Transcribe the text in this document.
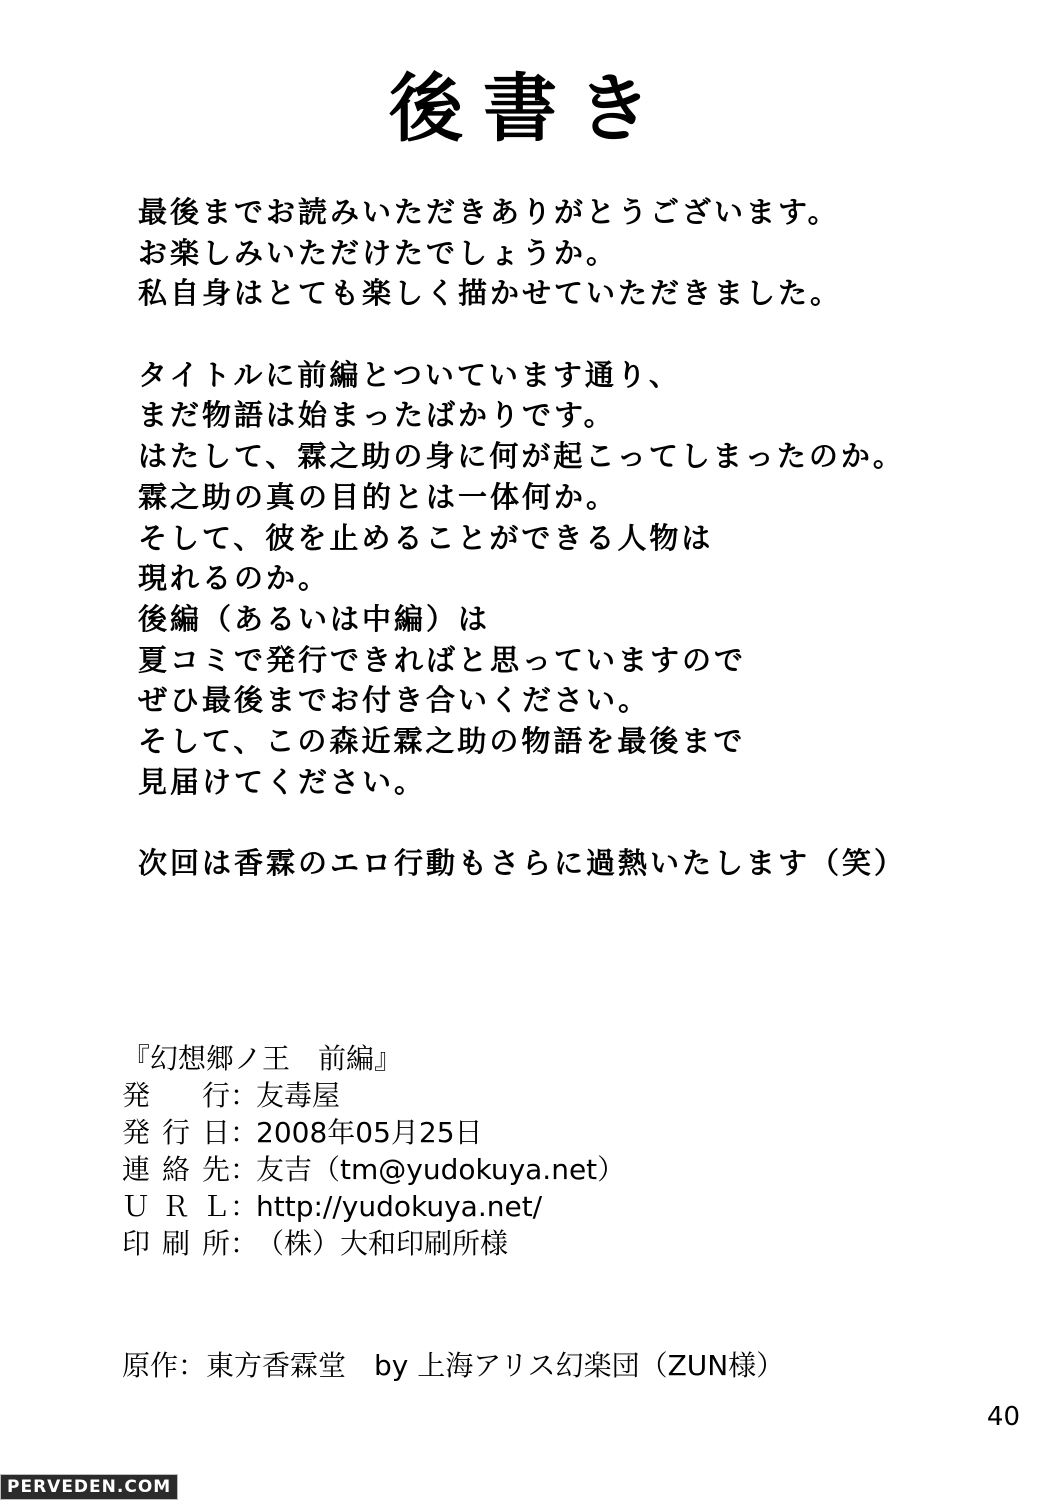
後書き
最後までお読みいただきありがとうございます。
お楽しみいただけたでしょうか。
私自身はとても楽しく描かせていただきました。
タイトルに前編とついています通り、
まだ物語は始まったばかりです。
はたして、霖之助の身に何が起こってしまったのか。
霖之助の真の目的とは一体何か。
そして、彼を止めることができる人物は
現れるのか。
後編（あるいは中編）は
夏コミで発行できればと思っていますので
ぜひ最後までお付き合いください。
そして、この森近霖之助の物語を最後まで
見届けてください。
次回は香霖のエロ行動もさらに過熱いたします（笑）
『幻想郷ノ王　前編』
発行：友毒屋
発行日：2008年05月25日
連絡先：友吉（tm@yudokuya.net）
ＵＲＬ：http://yudokuya.net/
印刷所：（株）大和印刷所様
原作：東方香霖堂　by 上海アリス幻楽団（ZUN様）
40
PERVEDEN.COM
